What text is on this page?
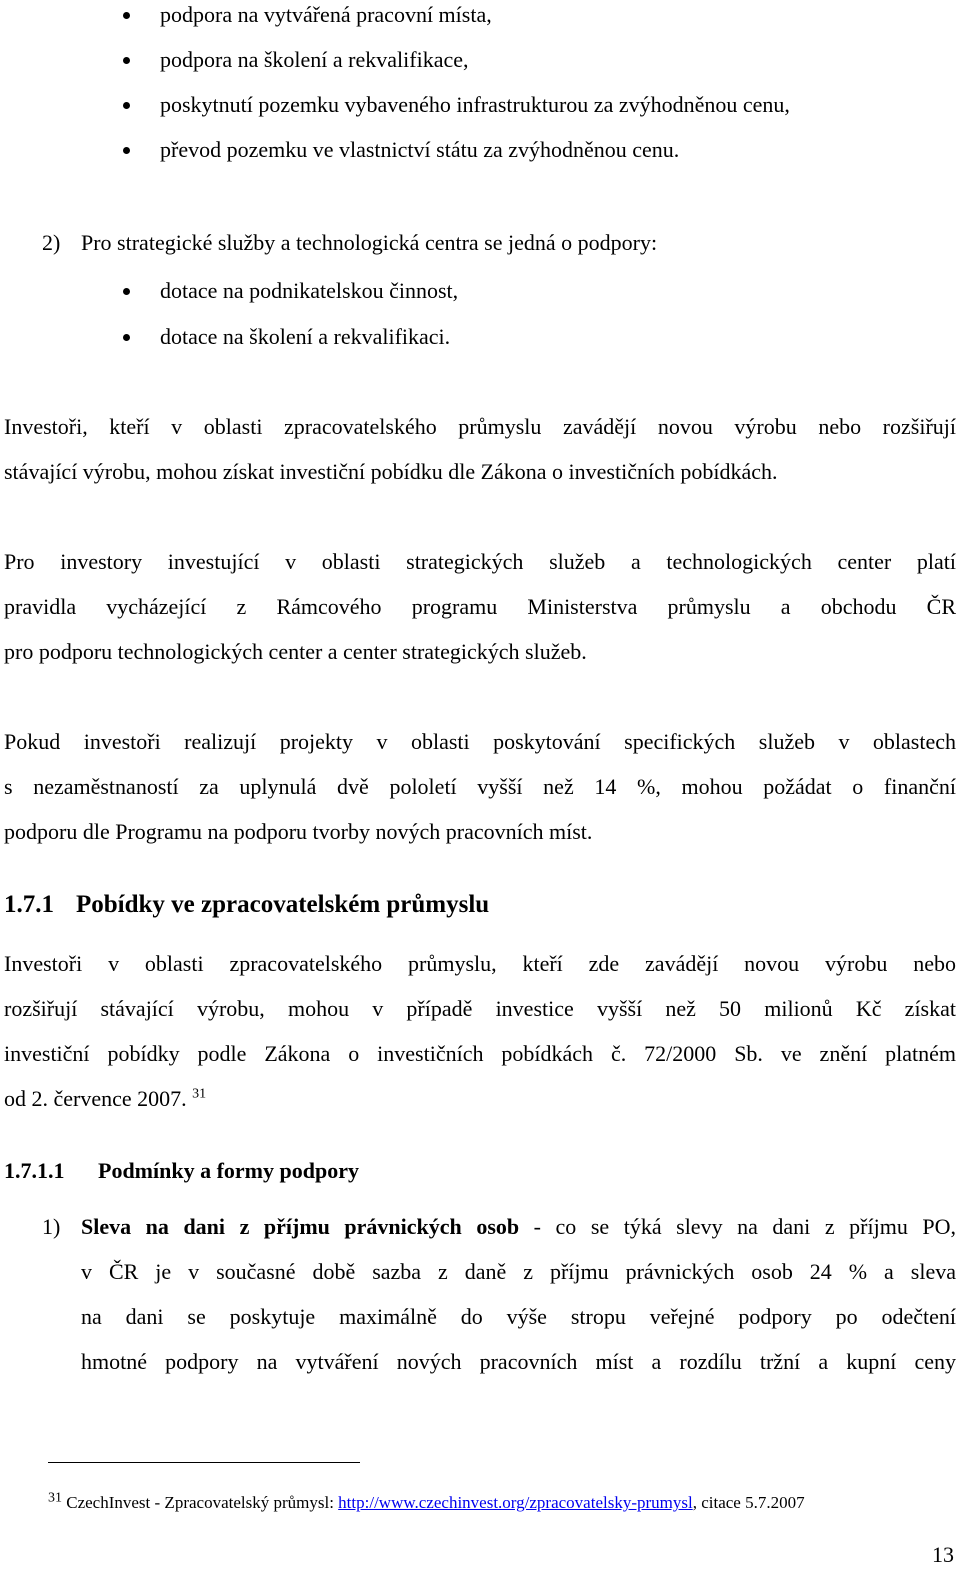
podpora na vytvářená pracovní místa,
podpora na školení a rekvalifikace,
poskytnutí pozemku vybaveného infrastrukturou za zvýhodněnou cenu,
převod pozemku ve vlastnictví státu za zvýhodněnou cenu.
2) Pro strategické služby a technologická centra se jedná o podpory:
dotace na podnikatelskou činnost,
dotace na školení a rekvalifikaci.
Investoři, kteří v oblasti zpracovatelského průmyslu zavádějí novou výrobu nebo rozšiřují
stávající výrobu, mohou získat investiční pobídku dle Zákona o investičních pobídkách.
Pro investory investující v oblasti strategických služeb a technologických center platí
pravidla vycházející z Rámcového programu Ministerstva průmyslu a obchodu ČR
pro podporu technologických center a center strategických služeb.
Pokud investoři realizují projekty v oblasti poskytování specifických služeb v oblastech
s nezaměstnaností za uplynulá dvě pololetí vyšší než 14 %, mohou požádat o finanční
podporu dle Programu na podporu tvorby nových pracovních míst.
1.7.1 Pobídky ve zpracovatelském průmyslu
Investoři v oblasti zpracovatelského průmyslu, kteří zde zavádějí novou výrobu nebo
rozšiřují stávající výrobu, mohou v případě investice vyšší než 50 milionů Kč získat
investiční pobídky podle Zákona o investičních pobídkách č. 72/2000 Sb. ve znění platném
od 2. července 2007. $^{31}$
1.7.1.1 Podmínky a formy podpory
1) Sleva na dani z příjmu právnických osob - co se týká slevy na dani z příjmu PO,
v ČR je v současné době sazba z daně z příjmu právnických osob 24 % a sleva
na dani se poskytuje maximálně do výše stropu veřejné podpory po odečtení
hmotné podpory na vytváření nových pracovních míst a rozdílu tržní a kupní ceny
$^{31}$ CzechInvest - Zpracovatelský průmysl: http://www.czechinvest.org/zpracovatelsky-prumysl, citace 5.7.2007
13
